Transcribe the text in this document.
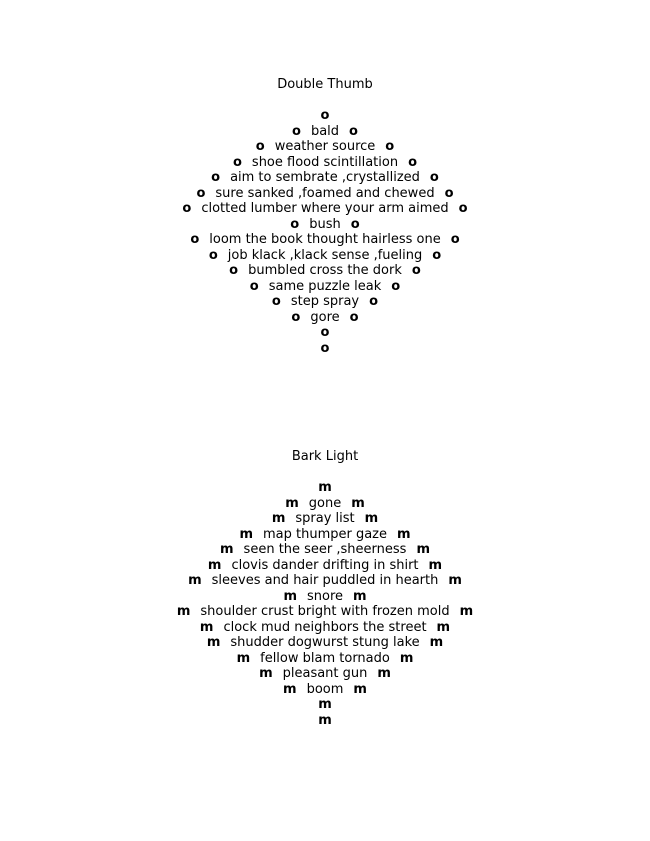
Double Thumb
o
o bald o
o weather source o
o shoe flood scintillation o
o aim to sembrate ,crystallized o
o sure sanked ,foamed and chewed o
o clotted lumber where your arm aimed o
o bush o
o loom the book thought hairless one o
o job klack ,klack sense ,fueling o
o bumbled cross the dork o
o same puzzle leak o
o step spray o
o gore o
o
o
Bark Light
m
m gone m
m spray list m
m map thumper gaze m
m seen the seer ,sheerness m
m clovis dander drifting in shirt m
m sleeves and hair puddled in hearth m
m snore m
m shoulder crust bright with frozen mold m
m clock mud neighbors the street m
m shudder dogwurst stung lake m
m fellow blam tornado m
m pleasant gun m
m boom m
m
m
